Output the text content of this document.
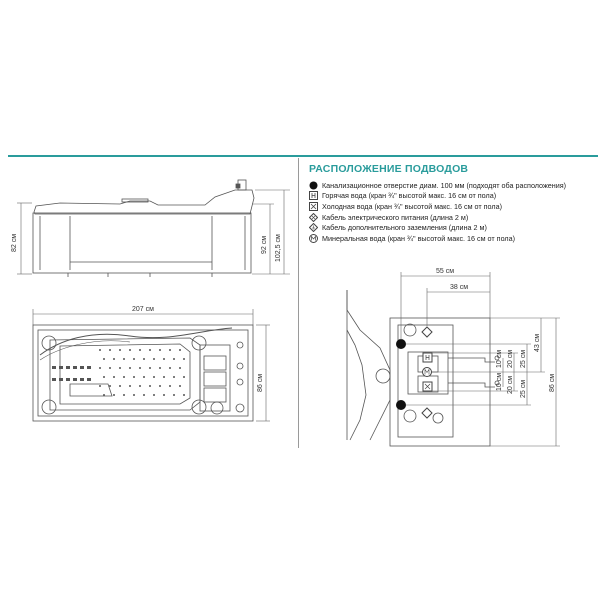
РАСПОЛОЖЕНИЕ ПОДВОДОВ
Канализационное отверстие диам. 100 мм (подходят оба расположения)
Горячая вода (кран ¾" высотой макс. 16 см от пола)
Холодная вода (кран ¾" высотой макс. 16 см от пола)
Кабель электрического питания (длина 2 м)
Кабель дополнительного заземления (длина 2 м)
Минеральная вода (кран ¾" высотой макс. 16 см от пола)
82 см	92 см 102,5 см
207 см
86 см
55 см
38 см
43 см
86 см
25 см
20 см
10 см
10 см 20 см 25 см
